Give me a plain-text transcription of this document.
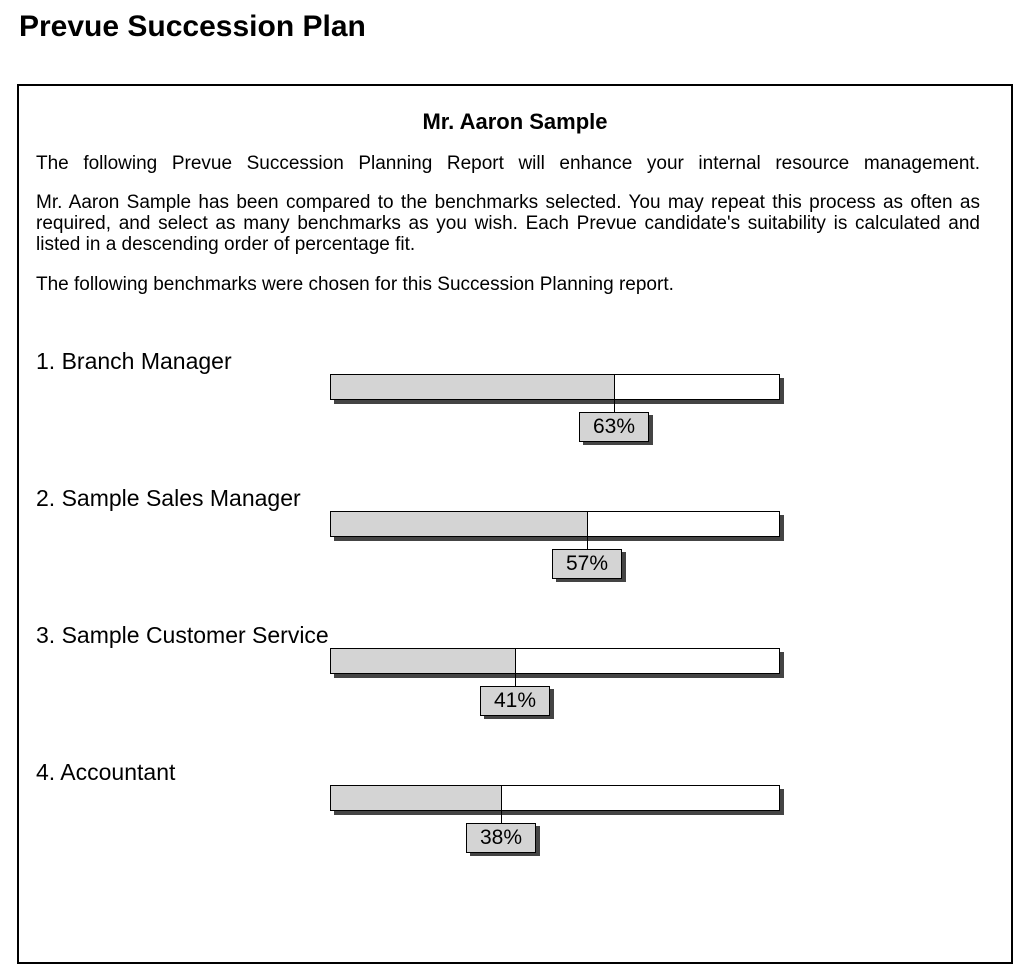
Prevue Succession Plan
Mr. Aaron Sample
The following Prevue Succession Planning Report will enhance your internal resource management.
Mr. Aaron Sample has been compared to the benchmarks selected. You may repeat this process as often as required, and select as many benchmarks as you wish. Each Prevue candidate's suitability is calculated and listed in a descending order of percentage fit.
The following benchmarks were chosen for this Succession Planning report.
1. Branch Manager
63%
2. Sample Sales Manager
57%
3. Sample Customer Service
41%
4. Accountant
38%
